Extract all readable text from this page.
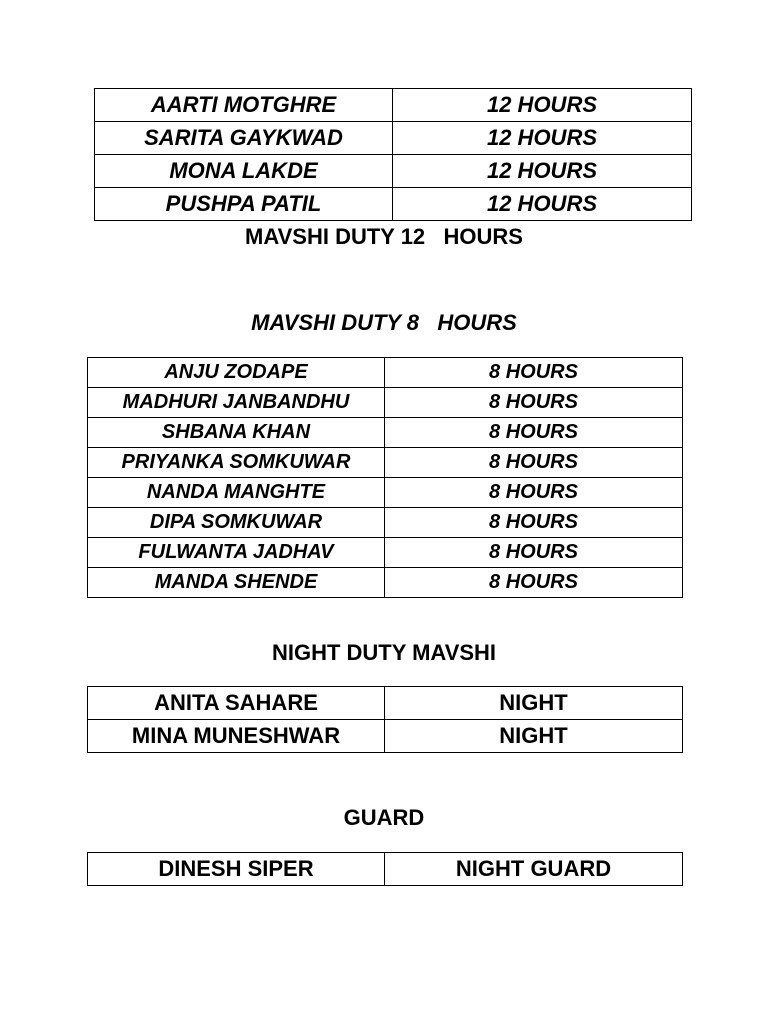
AARTI MOTGHRE	12 HOURS
SARITA GAYKWAD	12 HOURS
MONA LAKDE	12 HOURS
PUSHPA PATIL	12 HOURS
MAVSHI DUTY 12   HOURS
MAVSHI DUTY 8   HOURS
ANJU ZODAPE	8 HOURS
MADHURI JANBANDHU	8 HOURS
SHBANA KHAN	8 HOURS
PRIYANKA SOMKUWAR	8 HOURS
NANDA MANGHTE	8 HOURS
DIPA SOMKUWAR	8 HOURS
FULWANTA JADHAV	8 HOURS
MANDA SHENDE	8 HOURS
NIGHT DUTY MAVSHI
ANITA SAHARE	NIGHT
MINA MUNESHWAR	NIGHT
GUARD
DINESH SIPER	NIGHT GUARD
